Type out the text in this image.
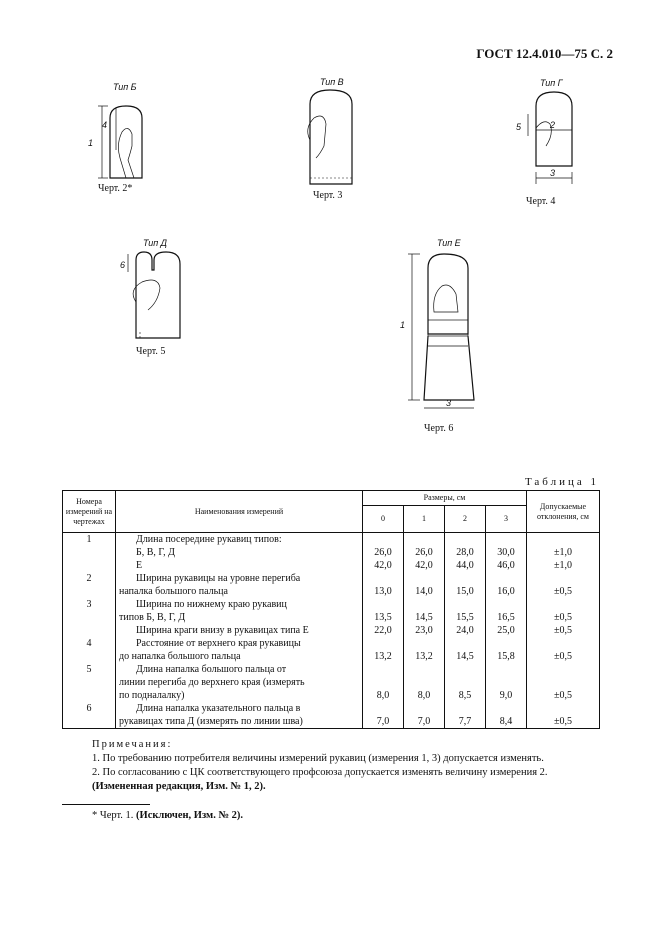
ГОСТ 12.4.010—75 С. 2
Тип Б
1
4
Черт. 2*
Тип В
Черт. 3
Тип Г
5	2
3
Черт. 4
Тип Д
6
Черт. 5
Тип Е
1
3
Черт. 6
Таблица 1
Номера измерений на чертежах	Наименования измерений	Размеры, см				Допускаемые отклонения, см
		0	1	2	3	
1	Длина посередине рукавиц типов:					
	Б, В, Г, Д	26,0	26,0	28,0	30,0	±1,0
	Е	42,0	42,0	44,0	46,0	±1,0
2	Ширина рукавицы на уровне перегиба					
	напалка большого пальца	13,0	14,0	15,0	16,0	±0,5
3	Ширина по нижнему краю рукавиц					
	типов Б, В, Г, Д	13,5	14,5	15,5	16,5	±0,5
	Ширина краги внизу в рукавицах типа Е	22,0	23,0	24,0	25,0	±0,5
4	Расстояние от верхнего края рукавицы					
	до напалка большого пальца	13,2	13,2	14,5	15,8	±0,5
5	Длина напалка большого пальца от					
	линии перегиба до верхнего края (измерять					
	по подналалку)	8,0	8,0	8,5	9,0	±0,5
6	Длина напалка указательного пальца в					
	рукавицах типа Д (измерять по линии шва)	7,0	7,0	7,7	8,4	±0,5
Примечания:
1. По требованию потребителя величины измерений рукавиц (измерения 1, 3) допускается изменять.
2. По согласованию с ЦК соответствующего профсоюза допускается изменять величину измерения 2.
(Измененная редакция, Изм. № 1, 2).
* Черт. 1. (Исключен, Изм. № 2).
